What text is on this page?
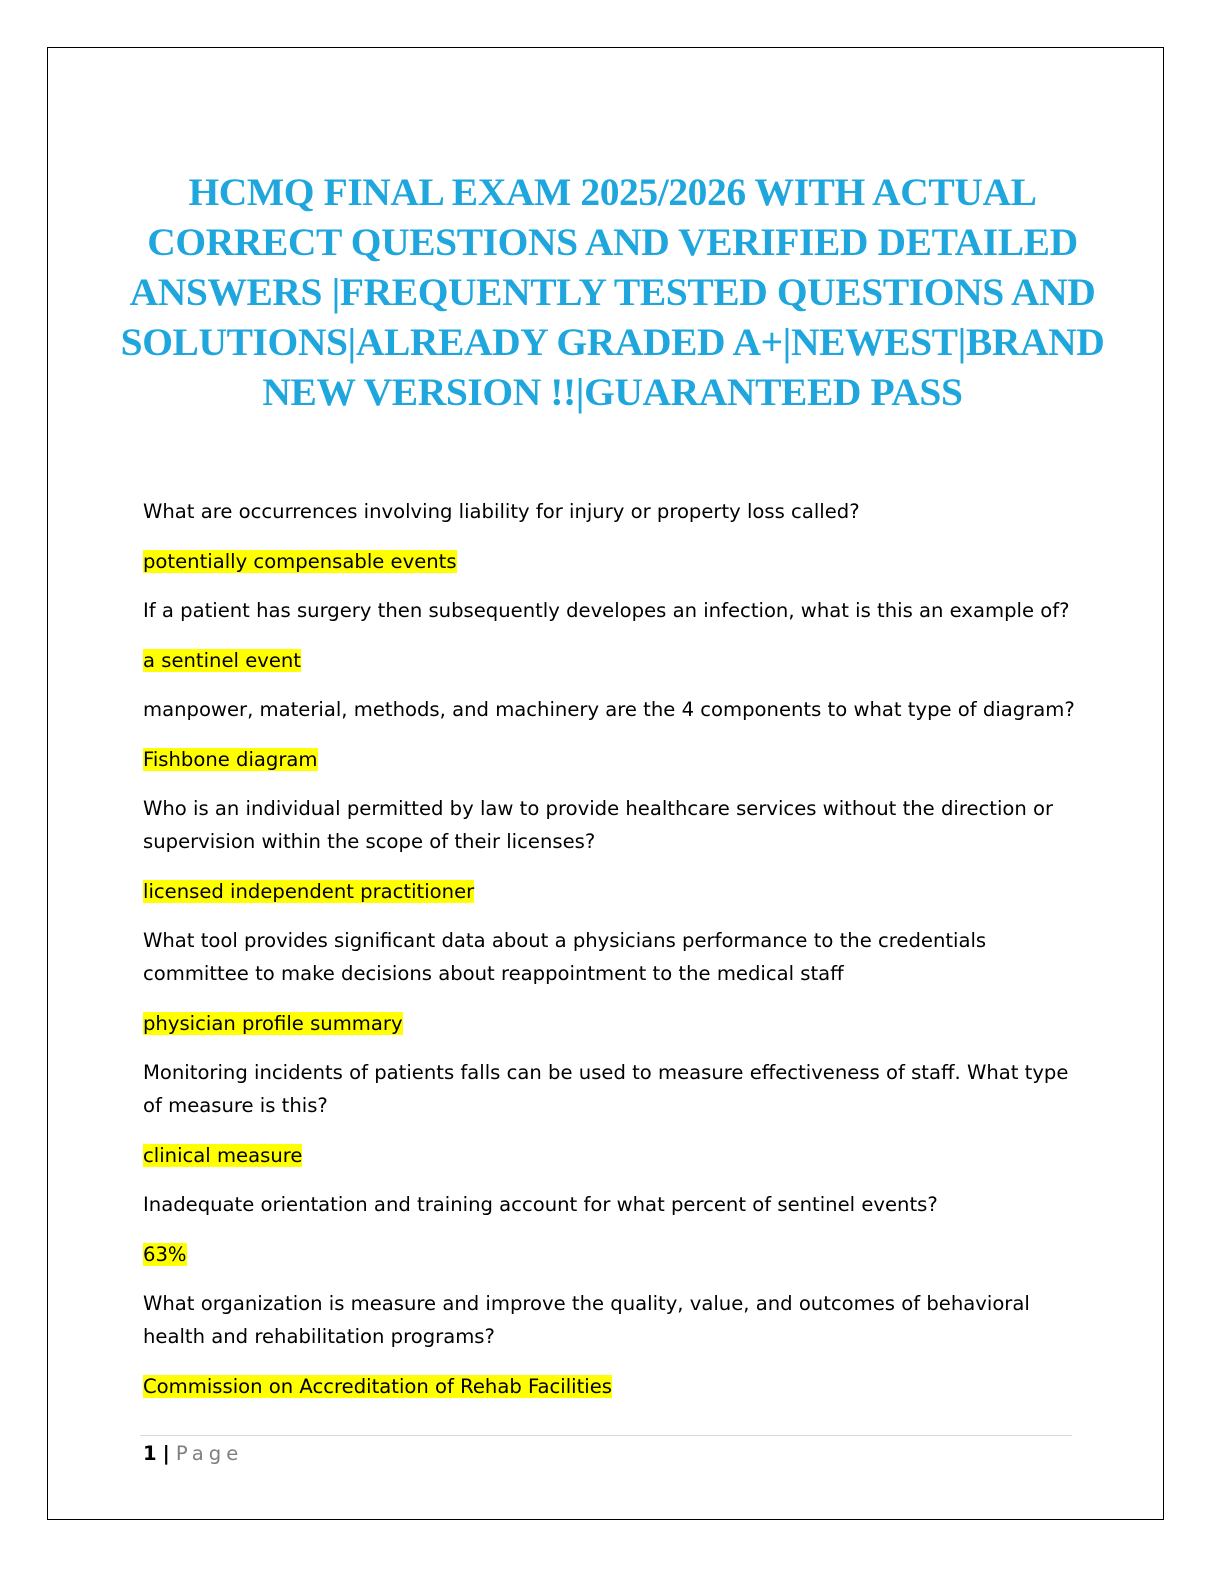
HCMQ FINAL EXAM 2025/2026 WITH ACTUAL CORRECT QUESTIONS AND VERIFIED DETAILED ANSWERS |FREQUENTLY TESTED QUESTIONS AND SOLUTIONS|ALREADY GRADED A+|NEWEST|BRAND NEW VERSION !!|GUARANTEED PASS

What are occurrences involving liability for injury or property loss called?

potentially compensable events

If a patient has surgery then subsequently developes an infection, what is this an example of?

a sentinel event

manpower, material, methods, and machinery are the 4 components to what type of diagram?

Fishbone diagram

Who is an individual permitted by law to provide healthcare services without the direction or supervision within the scope of their licenses?

licensed independent practitioner

What tool provides significant data about a physicians performance to the credentials committee to make decisions about reappointment to the medical staff

physician profile summary

Monitoring incidents of patients falls can be used to measure effectiveness of staff. What type of measure is this?

clinical measure

Inadequate orientation and training account for what percent of sentinel events?

63%

What organization is measure and improve the quality, value, and outcomes of behavioral health and rehabilitation programs?

Commission on Accreditation of Rehab Facilities

1 | Page
